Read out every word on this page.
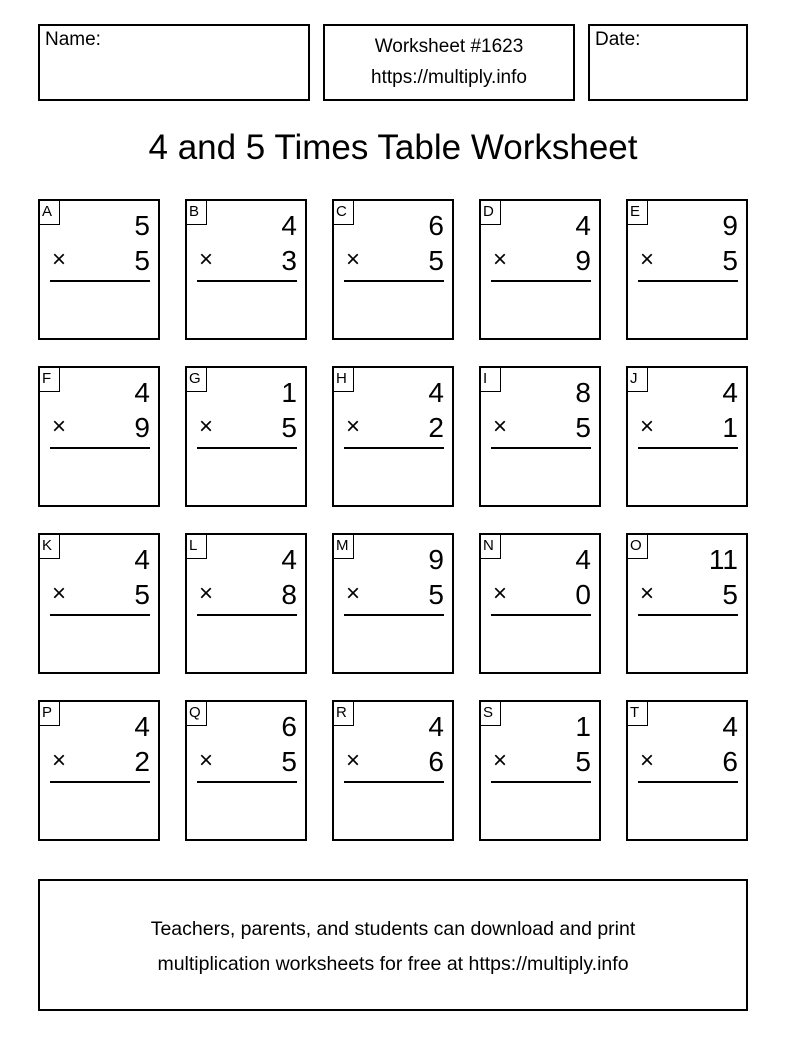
Name:	Worksheet #1623
https://multiply.info
Date:
4 and 5 Times Table Worksheet
A	5
× 5
B	4
× 3
C	6
× 5
D	4
× 9
E	9
× 5
F	4
× 9
G	1
× 5
H	4
× 2
I	8
× 5
J	4
× 1
K	4
× 5
L	4
× 8
M	9
× 5
N	4
× 0
O 11
× 5
P	4
× 2
Q	6
× 5
R	4
× 6
S	1
× 5
T	4
× 6
Teachers, parents, and students can download and print
multiplication worksheets for free at https://multiply.info
